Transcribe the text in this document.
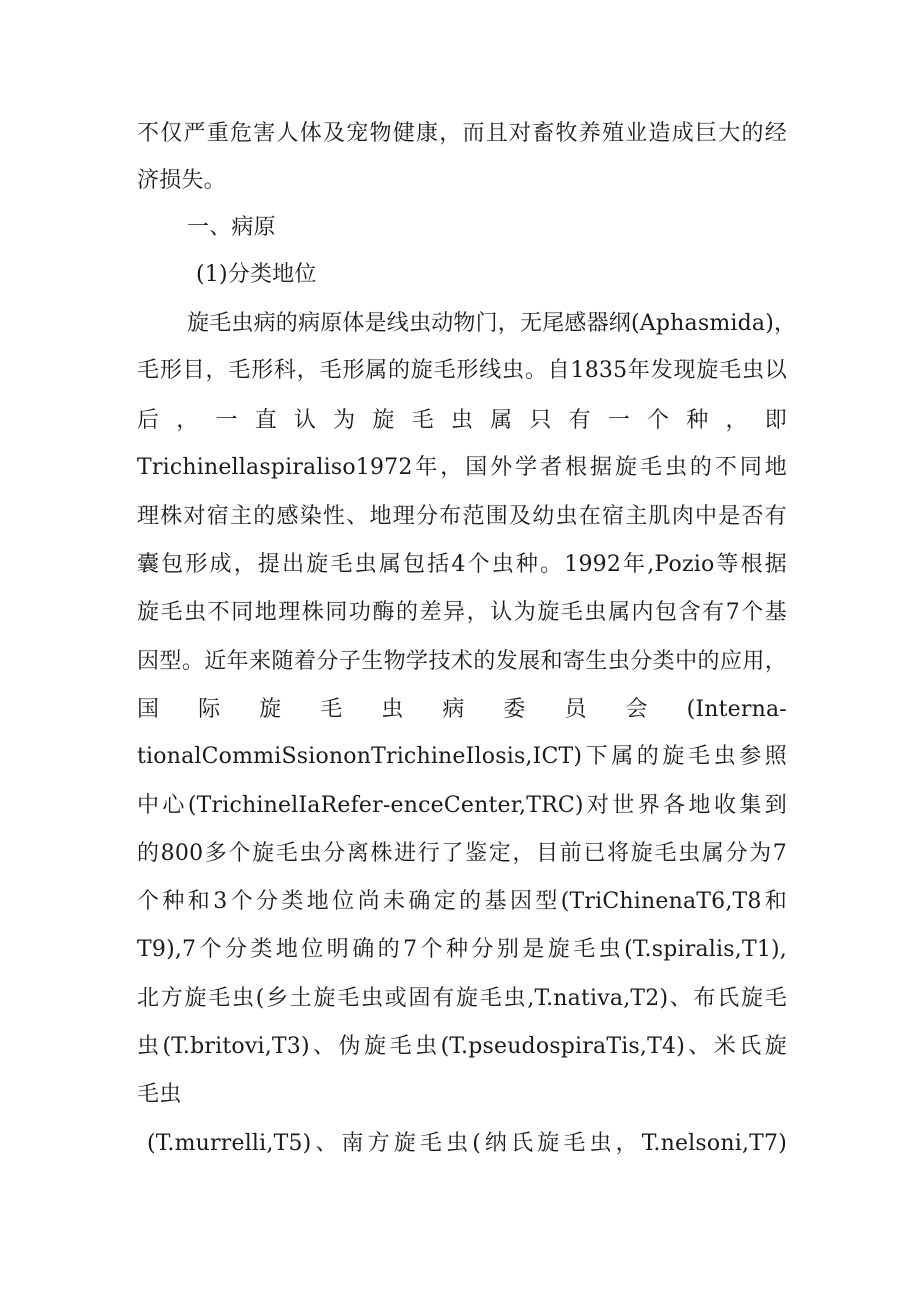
不仅严重危害人体及宠物健康，而且对畜牧养殖业造成巨大的经
济损失。
一、病原
(1)分类地位
旋毛虫病的病原体是线虫动物门，无尾感器纲(Aphasmida)，
毛形目，毛形科，毛形属的旋毛形线虫。自1835年发现旋毛虫以
后 ， 一 直 认 为 旋 毛 虫 属 只 有 一 个 种 ， 即
Trichinellaspiraliso1972年，国外学者根据旋毛虫的不同地
理株对宿主的感染性、地理分布范围及幼虫在宿主肌肉中是否有
囊包形成，提出旋毛虫属包括4个虫种。1992年,Pozio等根据
旋毛虫不同地理株同功酶的差异，认为旋毛虫属内包含有7个基
因型。近年来随着分子生物学技术的发展和寄生虫分类中的应用，
国 际 旋 毛 虫 病 委 员 会 (Interna-
tionalCommiSsiononTrichineIlosis,ICT)下属的旋毛虫参照
中心(TrichinelIaRefer-enceCenter,TRC)对世界各地收集到
的800多个旋毛虫分离株进行了鉴定，目前已将旋毛虫属分为7
个种和3个分类地位尚未确定的基因型(TriChinenaT6,T8和
T9),7个分类地位明确的7个种分别是旋毛虫(T.spiralis,T1),
北方旋毛虫(乡土旋毛虫或固有旋毛虫,T.nativa,T2)、布氏旋毛
虫(T.britovi,T3)、伪旋毛虫(T.pseudospiraTis,T4)、米氏旋
毛虫
(T.murrelli,T5)、南方旋毛虫(纳氏旋毛虫，T.nelsoni,T7)
